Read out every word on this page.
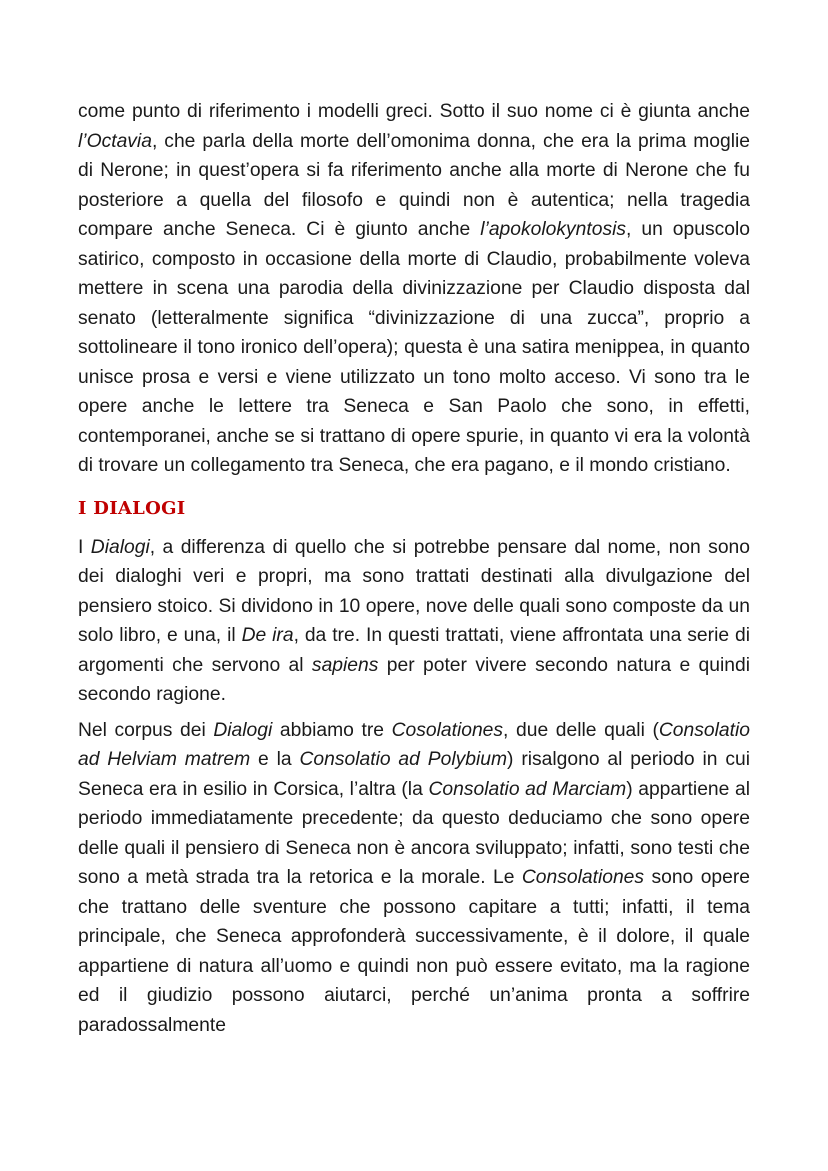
come punto di riferimento i modelli greci. Sotto il suo nome ci è giunta anche l’Octavia, che parla della morte dell’omonima donna, che era la prima moglie di Nerone; in quest’opera si fa riferimento anche alla morte di Nerone che fu posteriore a quella del filosofo e quindi non è autentica; nella tragedia compare anche Seneca. Ci è giunto anche l’apokolokyntosis, un opuscolo satirico, composto in occasione della morte di Claudio, probabilmente voleva mettere in scena una parodia della divinizzazione per Claudio disposta dal senato (letteralmente significa “divinizzazione di una zucca”, proprio a sottolineare il tono ironico dell’opera); questa è una satira menippea, in quanto unisce prosa e versi e viene utilizzato un tono molto acceso. Vi sono tra le opere anche le lettere tra Seneca e San Paolo che sono, in effetti, contemporanei, anche se si trattano di opere spurie, in quanto vi era la volontà di trovare un collegamento tra Seneca, che era pagano, e il mondo cristiano.

I DIALOGI

I Dialogi, a differenza di quello che si potrebbe pensare dal nome, non sono dei dialoghi veri e propri, ma sono trattati destinati alla divulgazione del pensiero stoico. Si dividono in 10 opere, nove delle quali sono composte da un solo libro, e una, il De ira, da tre. In questi trattati, viene affrontata una serie di argomenti che servono al sapiens per poter vivere secondo natura e quindi secondo ragione.

Nel corpus dei Dialogi abbiamo tre Cosolationes, due delle quali (Consolatio ad Helviam matrem e la Consolatio ad Polybium) risalgono al periodo in cui Seneca era in esilio in Corsica, l’altra (la Consolatio ad Marciam) appartiene al periodo immediatamente precedente; da questo deduciamo che sono opere delle quali il pensiero di Seneca non è ancora sviluppato; infatti, sono testi che sono a metà strada tra la retorica e la morale. Le Consolationes sono opere che trattano delle sventure che possono capitare a tutti; infatti, il tema principale, che Seneca approfonderà successivamente, è il dolore, il quale appartiene di natura all’uomo e quindi non può essere evitato, ma la ragione ed il giudizio possono aiutarci, perché un’anima pronta a soffrire paradossalmente
